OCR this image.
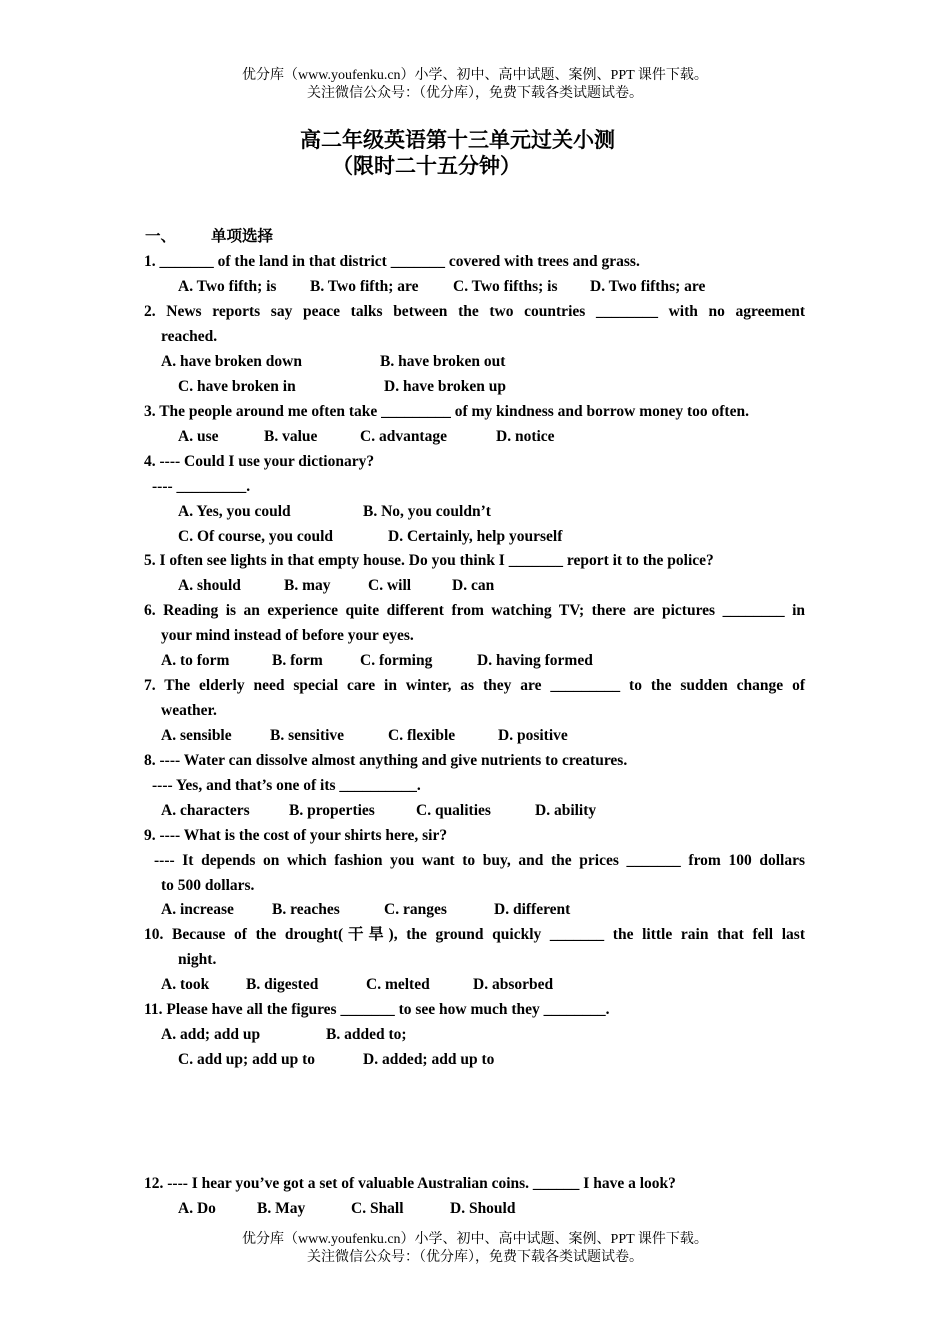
优分库（www.youfenku.cn）小学、初中、高中试题、案例、PPT 课件下载。
关注微信公众号：（优分库），免费下载各类试题试卷。
高二年级英语第十三单元过关小测
（限时二十五分钟）
一、 单项选择
1. _______ of the land in that district _______ covered with trees and grass.
A. Two fifth; is B. Two fifth; are C. Two fifths; is D. Two fifths; are
2. News reports say peace talks between the two countries ________ with no agreement
reached.
A. have broken down	B. have broken out
C. have broken in	D. have broken up
3. The people around me often take _________ of my kindness and borrow money too often.
A. use	B. value	C. advantage	D. notice
4. ---- Could I use your dictionary?
---- _________.
A. Yes, you could	B. No, you couldn’t
C. Of course, you could	D. Certainly, help yourself
5. I often see lights in that empty house. Do you think I _______ report it to the police?
A. should	B. may C. will	D. can
6. Reading is an experience quite different from watching TV; there are pictures ________ in
your mind instead of before your eyes.
A. to form	B. form C. forming	D. having formed
7. The elderly need special care in winter, as they are _________ to the sudden change of
weather.
A. sensible B. sensitive	C. flexible	D. positive
8. ---- Water can dissolve almost anything and give nutrients to creatures.
---- Yes, and that’s one of its __________.
A. characters	B. properties	C. qualities	D. ability
9. ---- What is the cost of your shirts here, sir?
---- It depends on which fashion you want to buy, and the prices _______ from 100 dollars
to 500 dollars.
A. increase B. reaches	C. ranges	D. different
10. Because of the drought(干旱), the ground quickly _______ the little rain that fell last
night.
A. took B. digested	C. melted	D. absorbed
11. Please have all the figures _______ to see how much they ________.
A. add; add up	B. added to;
C. add up; add up to	D. added; add up to
12. ---- I hear you’ve got a set of valuable Australian coins. ______ I have a look?
A. Do	B. May	C. Shall	D. Should
优分库（www.youfenku.cn）小学、初中、高中试题、案例、PPT 课件下载。
关注微信公众号：（优分库），免费下载各类试题试卷。
